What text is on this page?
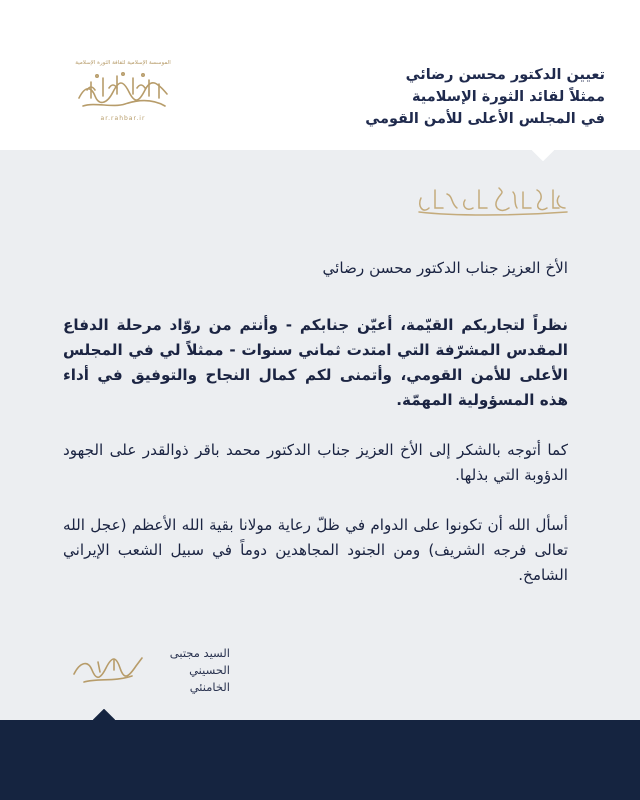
الموسسة الإسلامية لثقافة الثورة الإسلامية
ar.rahbar.ir
تعيين الدكتور محسن رضائي
ممثلاً لقائد الثورة الإسلامية
في المجلس الأعلى للأمن القومي

الأخ العزيز جناب الدكتور محسن رضائي

نظراً لتجاربكم القيّمة، أعيّن جنابكم - وأنتم من روّاد مرحلة الدفاع المقدس المشرّفة التي امتدت ثماني سنوات - ممثلاً لي في المجلس الأعلى للأمن القومي، وأتمنى لكم كمال النجاح والتوفيق في أداء هذه المسؤولية المهمّة.

كما أتوجه بالشكر إلى الأخ العزيز جناب الدكتور محمد باقر ذوالقدر على الجهود الدؤوبة التي بذلها.

أسأل الله أن تكونوا على الدوام في ظلّ رعاية مولانا بقية الله الأعظم (عجل الله تعالى فرجه الشريف) ومن الجنود المجاهدين دوماً في سبيل الشعب الإيراني الشامخ.

السيد مجتبى
الحسيني الخامنئي
